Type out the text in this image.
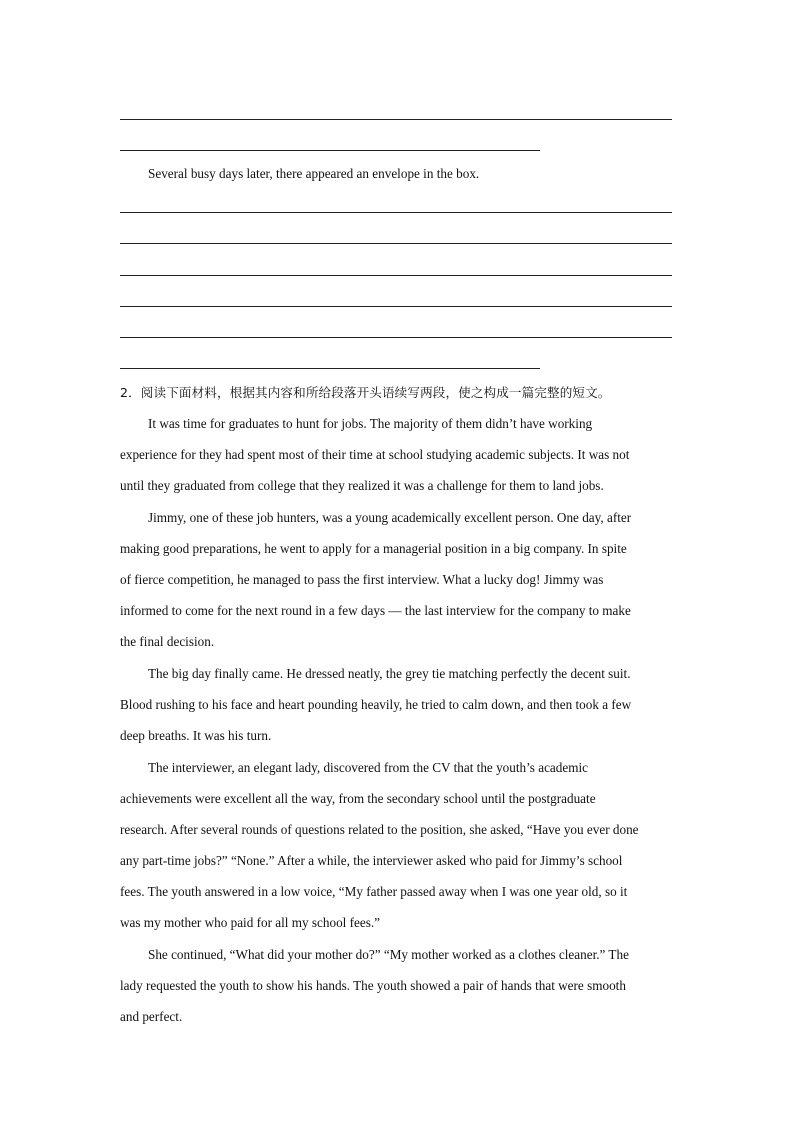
Several busy days later, there appeared an envelope in the box.
2．阅读下面材料，根据其内容和所给段落开头语续写两段，使之构成一篇完整的短文。
It was time for graduates to hunt for jobs. The majority of them didn’t have working
experience for they had spent most of their time at school studying academic subjects. It was not
until they graduated from college that they realized it was a challenge for them to land jobs.
Jimmy, one of these job hunters, was a young academically excellent person. One day, after
making good preparations, he went to apply for a managerial position in a big company. In spite
of fierce competition, he managed to pass the first interview. What a lucky dog! Jimmy was
informed to come for the next round in a few days — the last interview for the company to make
the final decision.
The big day finally came. He dressed neatly, the grey tie matching perfectly the decent suit.
Blood rushing to his face and heart pounding heavily, he tried to calm down, and then took a few
deep breaths. It was his turn.
The interviewer, an elegant lady, discovered from the CV that the youth’s academic
achievements were excellent all the way, from the secondary school until the postgraduate
research. After several rounds of questions related to the position, she asked, “Have you ever done
any part-time jobs?” “None.” After a while, the interviewer asked who paid for Jimmy’s school
fees. The youth answered in a low voice, “My father passed away when I was one year old, so it
was my mother who paid for all my school fees.”
She continued, “What did your mother do?” “My mother worked as a clothes cleaner.” The
lady requested the youth to show his hands. The youth showed a pair of hands that were smooth
and perfect.
